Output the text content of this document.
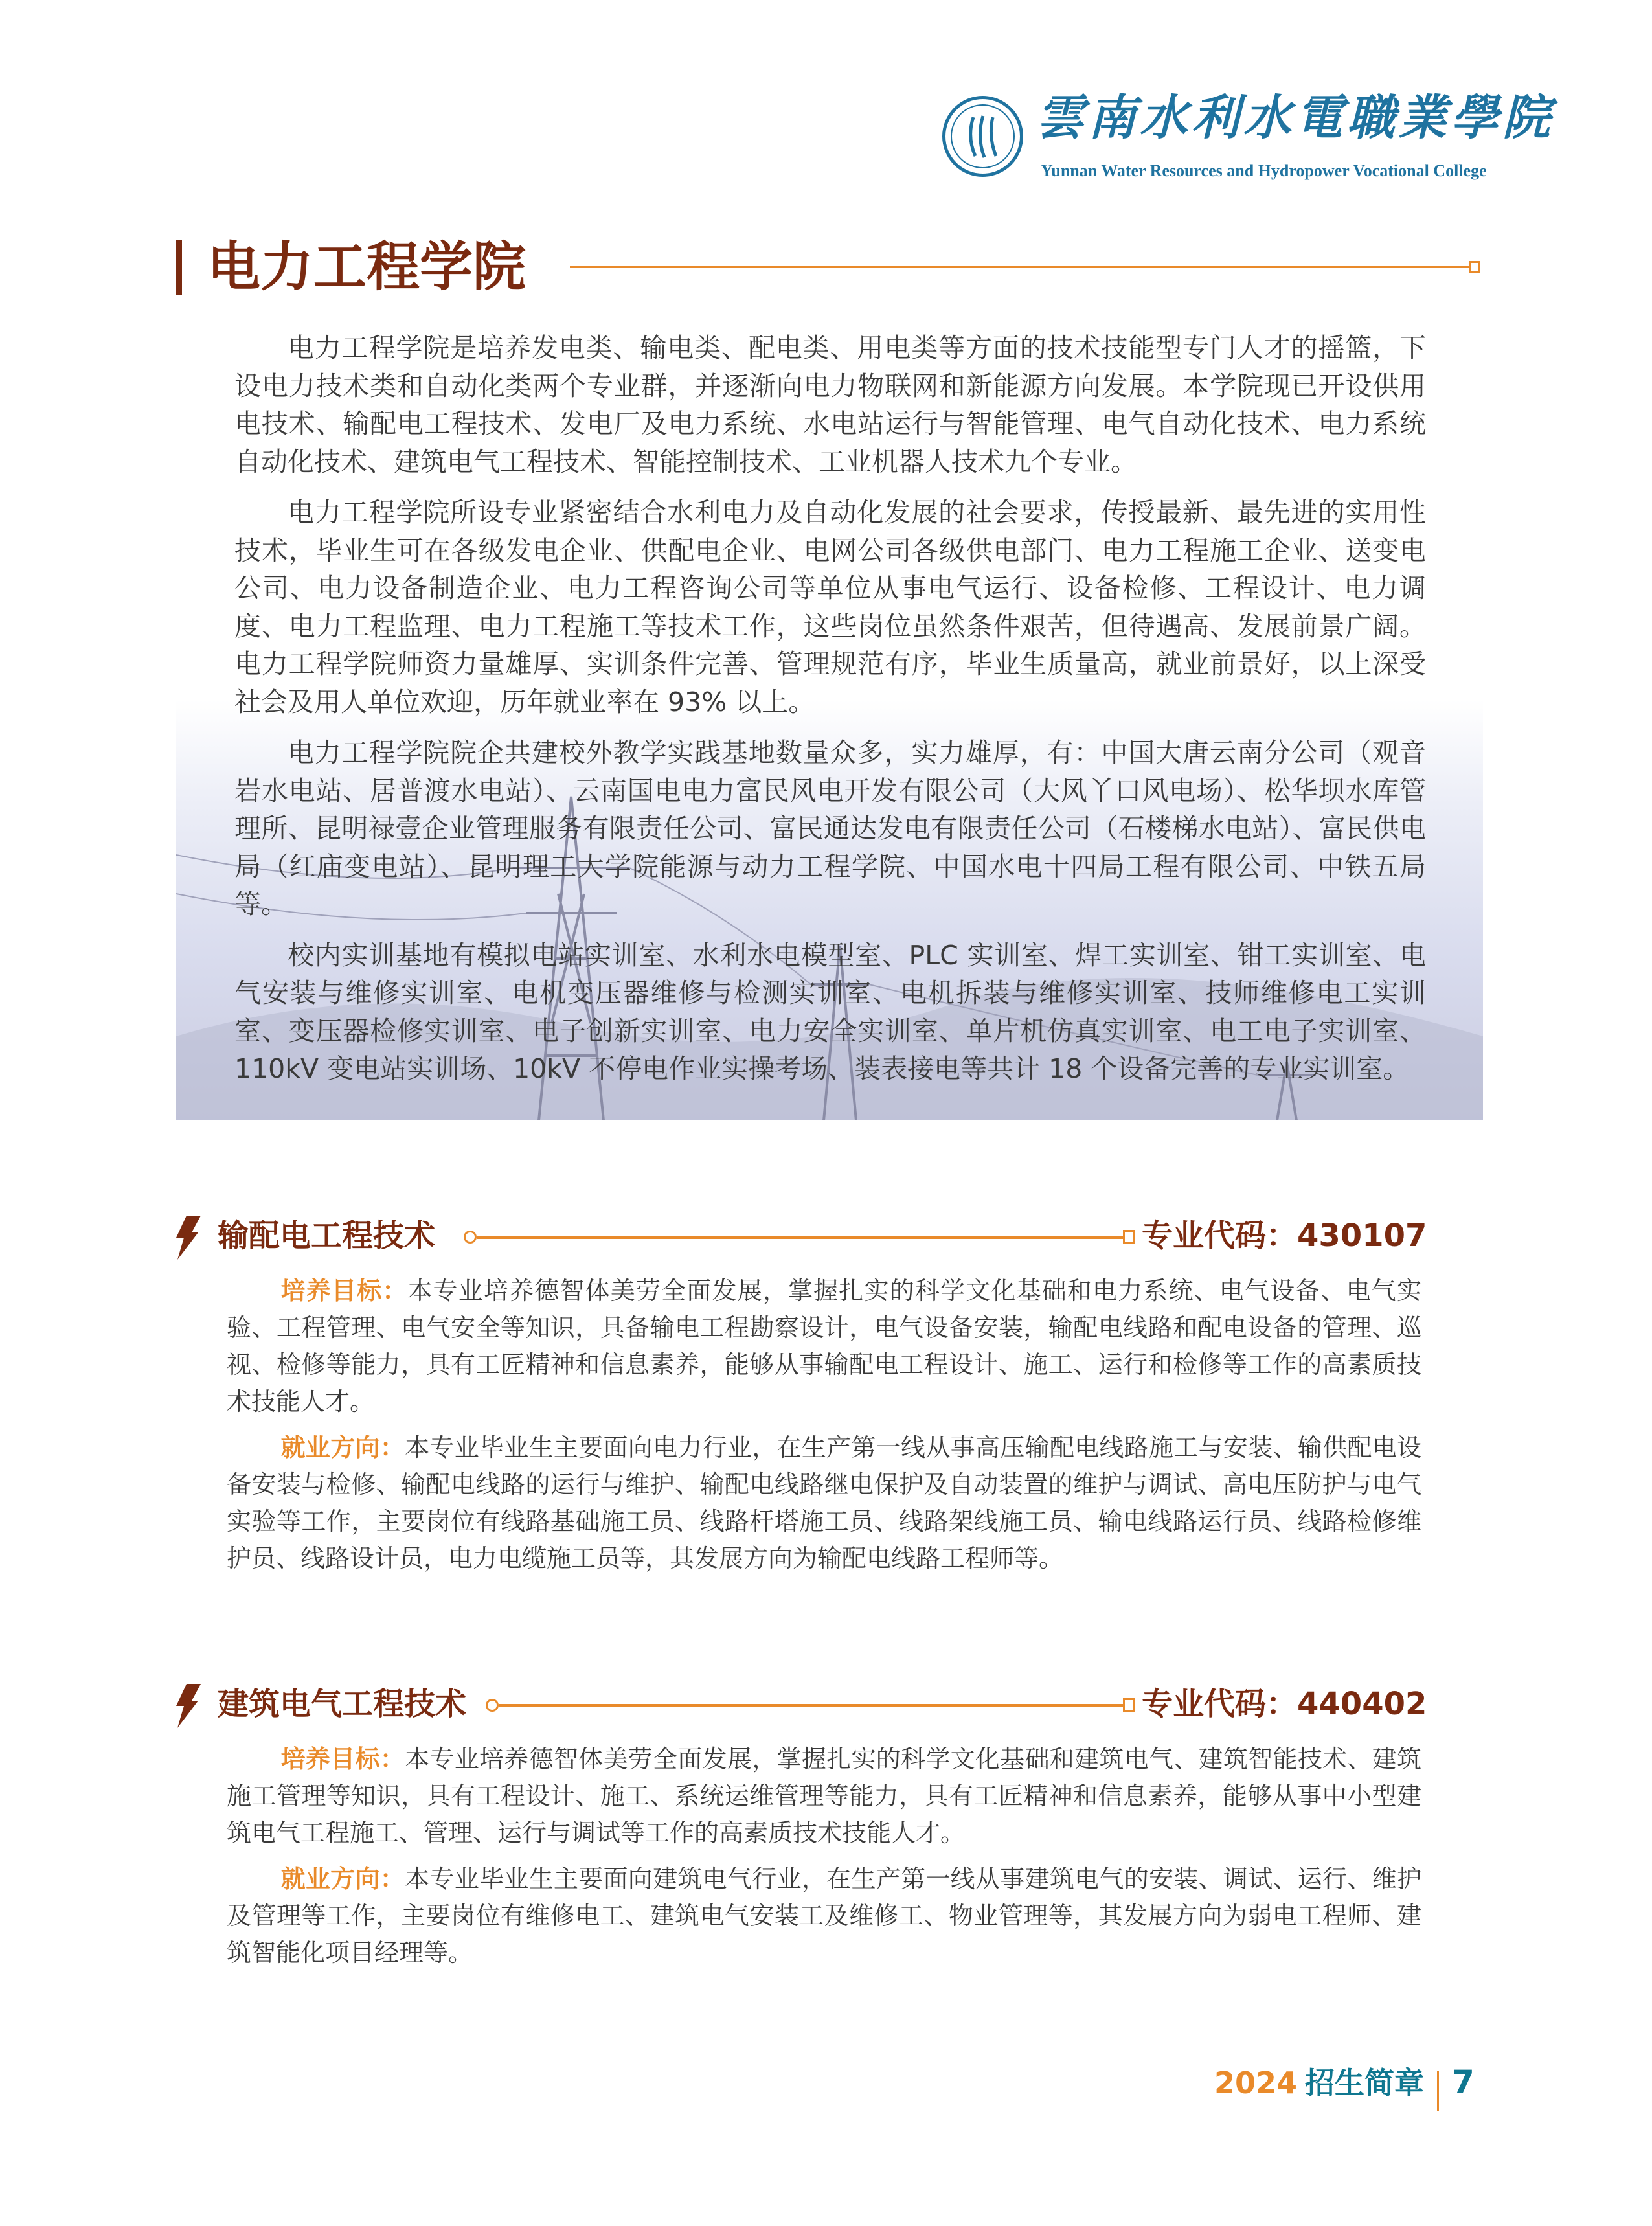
雲南水利水電職業學院
Yunnan Water Resources and Hydropower Vocational College
电力工程学院

电力工程学院是培养发电类、输电类、配电类、用电类等方面的技术技能型专门人才的摇篮，下设电力技术类和自动化类两个专业群，并逐渐向电力物联网和新能源方向发展。本学院现已开设供用电技术、输配电工程技术、发电厂及电力系统、水电站运行与智能管理、电气自动化技术、电力系统自动化技术、建筑电气工程技术、智能控制技术、工业机器人技术九个专业。

电力工程学院所设专业紧密结合水利电力及自动化发展的社会要求，传授最新、最先进的实用性技术，毕业生可在各级发电企业、供配电企业、电网公司各级供电部门、电力工程施工企业、送变电公司、电力设备制造企业、电力工程咨询公司等单位从事电气运行、设备检修、工程设计、电力调度、电力工程监理、电力工程施工等技术工作，这些岗位虽然条件艰苦，但待遇高、发展前景广阔。电力工程学院师资力量雄厚、实训条件完善、管理规范有序，毕业生质量高，就业前景好，以上深受社会及用人单位欢迎，历年就业率在 93% 以上。

电力工程学院院企共建校外教学实践基地数量众多，实力雄厚，有：中国大唐云南分公司（观音岩水电站、居普渡水电站）、云南国电电力富民风电开发有限公司（大风丫口风电场）、松华坝水库管理所、昆明禄壹企业管理服务有限责任公司、富民通达发电有限责任公司（石楼梯水电站）、富民供电局（红庙变电站）、昆明理工大学院能源与动力工程学院、中国水电十四局工程有限公司、中铁五局等。

校内实训基地有模拟电站实训室、水利水电模型室、PLC 实训室、焊工实训室、钳工实训室、电气安装与维修实训室、电机变压器维修与检测实训室、电机拆装与维修实训室、技师维修电工实训室、变压器检修实训室、电子创新实训室、电力安全实训室、单片机仿真实训室、电工电子实训室、110kV 变电站实训场、10kV 不停电作业实操考场、装表接电等共计 18 个设备完善的专业实训室。

输配电工程技术	专业代码：430107

培养目标：本专业培养德智体美劳全面发展，掌握扎实的科学文化基础和电力系统、电气设备、电气实验、工程管理、电气安全等知识，具备输电工程勘察设计，电气设备安装，输配电线路和配电设备的管理、巡视、检修等能力，具有工匠精神和信息素养，能够从事输配电工程设计、施工、运行和检修等工作的高素质技术技能人才。

就业方向：本专业毕业生主要面向电力行业，在生产第一线从事高压输配电线路施工与安装、输供配电设备安装与检修、输配电线路的运行与维护、输配电线路继电保护及自动装置的维护与调试、高电压防护与电气实验等工作，主要岗位有线路基础施工员、线路杆塔施工员、线路架线施工员、输电线路运行员、线路检修维护员、线路设计员，电力电缆施工员等，其发展方向为输配电线路工程师等。

建筑电气工程技术	专业代码：440402

培养目标：本专业培养德智体美劳全面发展，掌握扎实的科学文化基础和建筑电气、建筑智能技术、建筑施工管理等知识，具有工程设计、施工、系统运维管理等能力，具有工匠精神和信息素养，能够从事中小型建筑电气工程施工、管理、运行与调试等工作的高素质技术技能人才。

就业方向：本专业毕业生主要面向建筑电气行业，在生产第一线从事建筑电气的安装、调试、运行、维护及管理等工作，主要岗位有维修电工、建筑电气安装工及维修工、物业管理等，其发展方向为弱电工程师、建筑智能化项目经理等。

2024 招生简章 7
